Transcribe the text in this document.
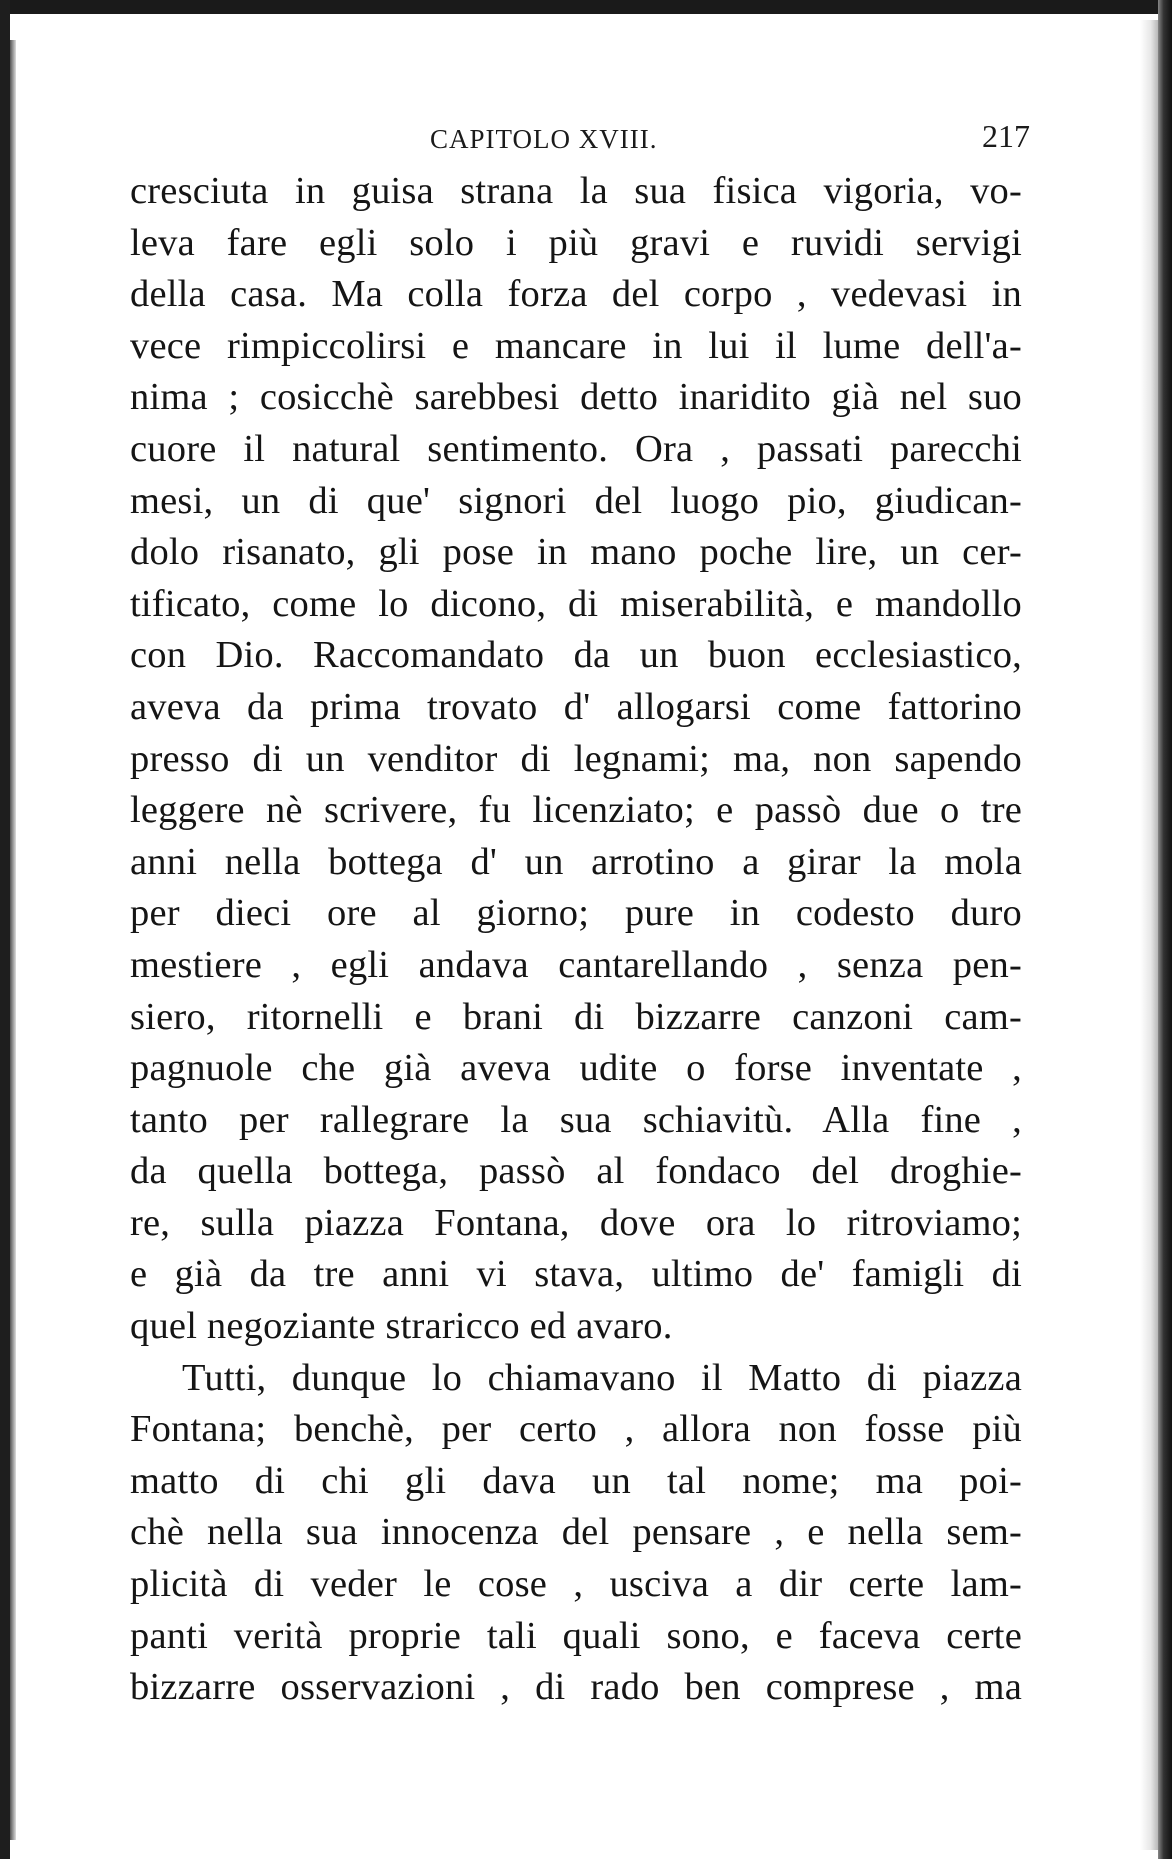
CAPITOLO XVIII.	217
cresciuta in guisa strana la sua fisica vigoria, vo-
leva fare egli solo i più gravi e ruvidi servigi
della casa. Ma colla forza del corpo , vedevasi in
vece rimpiccolirsi e mancare in lui il lume dell'a-
nima ; cosicchè sarebbesi detto inaridito già nel suo
cuore il natural sentimento. Ora , passati parecchi
mesi, un di que' signori del luogo pio, giudican-
dolo risanato, gli pose in mano poche lire, un cer-
tificato, come lo dicono, di miserabilità, e mandollo
con Dio. Raccomandato da un buon ecclesiastico,
aveva da prima trovato d' allogarsi come fattorino
presso di un venditor di legnami; ma, non sapendo
leggere nè scrivere, fu licenziato; e passò due o tre
anni nella bottega d' un arrotino a girar la mola
per dieci ore al giorno; pure in codesto duro
mestiere , egli andava cantarellando , senza pen-
siero, ritornelli e brani di bizzarre canzoni cam-
pagnuole che già aveva udite o forse inventate ,
tanto per rallegrare la sua schiavitù. Alla fine ,
da quella bottega, passò al fondaco del droghie-
re, sulla piazza Fontana, dove ora lo ritroviamo;
e già da tre anni vi stava, ultimo de' famigli di
quel negoziante straricco ed avaro.
Tutti, dunque lo chiamavano il Matto di piazza
Fontana; benchè, per certo , allora non fosse più
matto di chi gli dava un tal nome; ma poi-
chè nella sua innocenza del pensare , e nella sem-
plicità di veder le cose , usciva a dir certe lam-
panti verità proprie tali quali sono, e faceva certe
bizzarre osservazioni , di rado ben comprese , ma
